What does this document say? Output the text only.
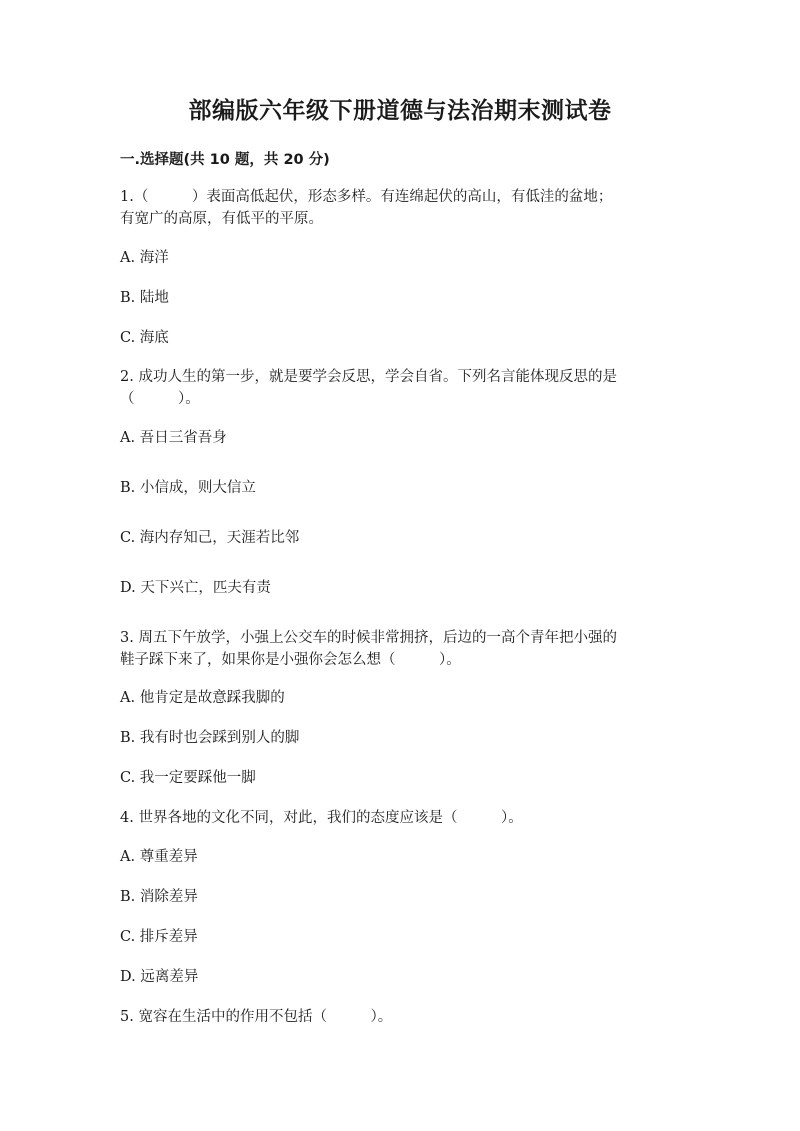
部编版六年级下册道德与法治期末测试卷
一.选择题(共 10 题，共 20 分)
1.（　　　）表面高低起伏，形态多样。有连绵起伏的高山，有低洼的盆地；
有宽广的高原，有低平的平原。
A. 海洋
B. 陆地
C. 海底
2. 成功人生的第一步，就是要学会反思，学会自省。下列名言能体现反思的是
（　　　）。
A. 吾日三省吾身
B. 小信成，则大信立
C. 海内存知己，天涯若比邻
D. 天下兴亡，匹夫有责
3. 周五下午放学，小强上公交车的时候非常拥挤，后边的一高个青年把小强的
鞋子踩下来了，如果你是小强你会怎么想（　　　）。
A. 他肯定是故意踩我脚的
B. 我有时也会踩到别人的脚
C. 我一定要踩他一脚
4. 世界各地的文化不同，对此，我们的态度应该是（　　　）。
A. 尊重差异
B. 消除差异
C. 排斥差异
D. 远离差异
5. 宽容在生活中的作用不包括（　　　）。
